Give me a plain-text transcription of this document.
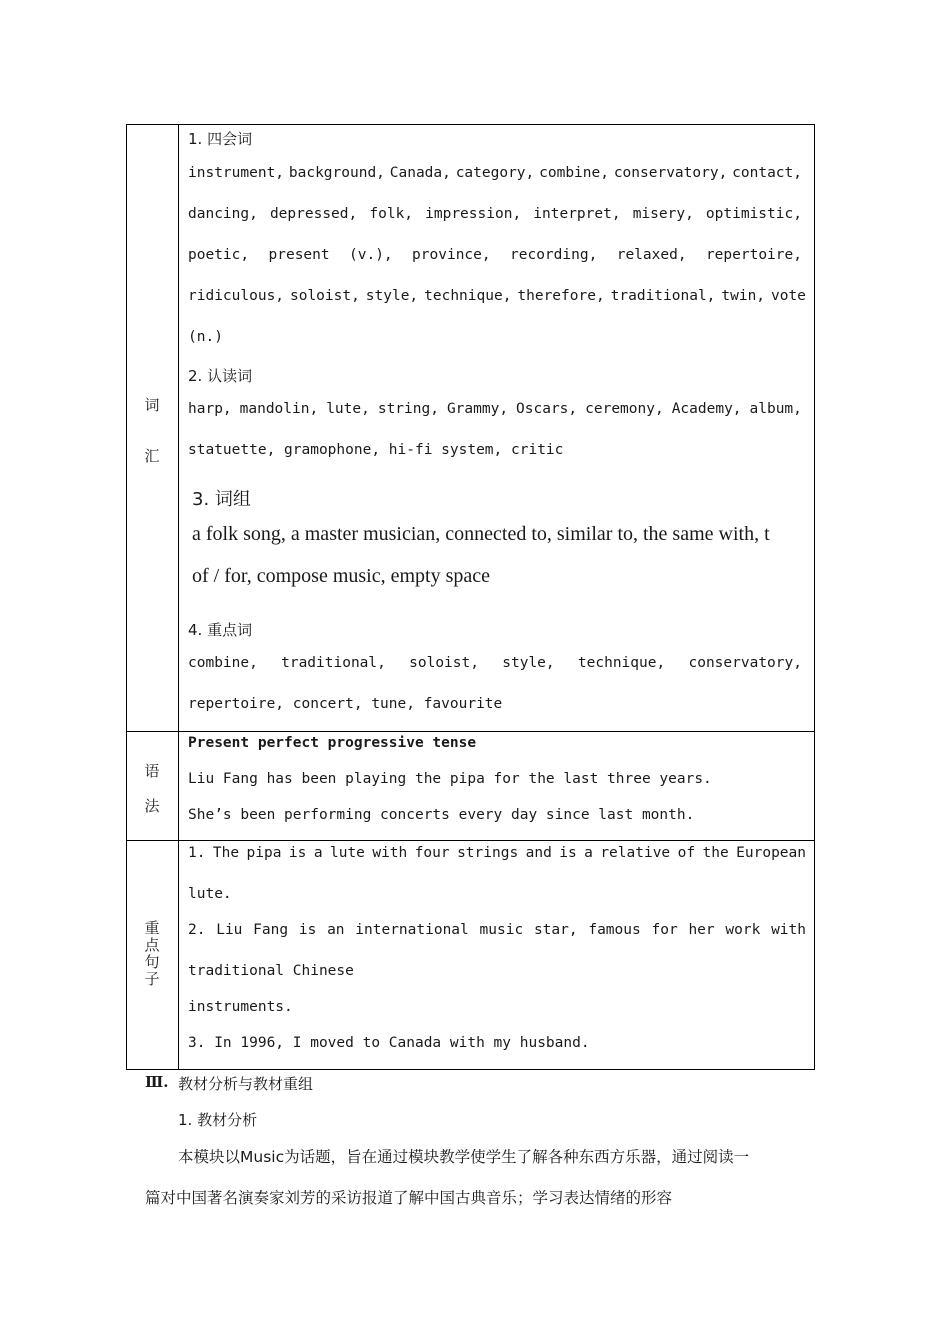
词
汇
1. 四会词
instrument, background, Canada, category, combine, conservatory, contact,
dancing, depressed, folk, impression, interpret, misery, optimistic,
poetic, present (v.), province, recording, relaxed, repertoire,
ridiculous, soloist, style, technique, therefore, traditional, twin, vote
(n.)
2. 认读词
harp, mandolin, lute, string, Grammy, Oscars, ceremony, Academy, album,
statuette, gramophone, hi-fi system, critic
3. 词组
a folk song, a master musician, connected to, similar to, the same with, t
of / for, compose music, empty space
4. 重点词
combine, traditional, soloist, style, technique, conservatory,
repertoire, concert, tune, favourite
语
法
Present perfect progressive tense
Liu Fang has been playing the pipa for the last three years.
She’s been performing concerts every day since last month.
重
点
句
子
1. The pipa is a lute with four strings and is a relative of the European
lute.
2. Liu Fang is an international music star, famous for her work with
traditional Chinese
instruments.
3. In 1996, I moved to Canada with my husband.
Ⅲ. 教材分析与教材重组
1. 教材分析
本模块以Music为话题，旨在通过模块教学使学生了解各种东西方乐器，通过阅读一
篇对中国著名演奏家刘芳的采访报道了解中国古典音乐；学习表达情绪的形容
